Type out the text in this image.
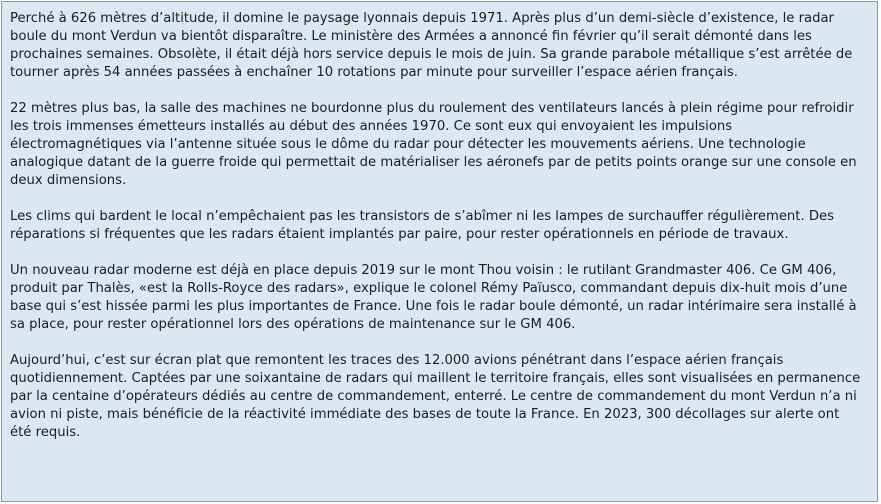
Perché à 626 mètres d’altitude, il domine le paysage lyonnais depuis 1971. Après plus d’un demi-siècle d’existence, le radar boule du mont Verdun va bientôt disparaître. Le ministère des Armées a annoncé fin février qu’il serait démonté dans les prochaines semaines. Obsolète, il était déjà hors service depuis le mois de juin. Sa grande parabole métallique s’est arrêtée de tourner après 54 années passées à enchaîner 10 rotations par minute pour surveiller l’espace aérien français.

22 mètres plus bas, la salle des machines ne bourdonne plus du roulement des ventilateurs lancés à plein régime pour refroidir les trois immenses émetteurs installés au début des années 1970. Ce sont eux qui envoyaient les impulsions électromagnétiques via l’antenne située sous le dôme du radar pour détecter les mouvements aériens. Une technologie analogique datant de la guerre froide qui permettait de matérialiser les aéronefs par de petits points orange sur une console en deux dimensions.

Les clims qui bardent le local n’empêchaient pas les transistors de s’abîmer ni les lampes de surchauffer régulièrement. Des réparations si fréquentes que les radars étaient implantés par paire, pour rester opérationnels en période de travaux.

Un nouveau radar moderne est déjà en place depuis 2019 sur le mont Thou voisin : le rutilant Grandmaster 406. Ce GM 406, produit par Thalès, «est la Rolls-Royce des radars», explique le colonel Rémy Païusco, commandant depuis dix-huit mois d’une base qui s’est hissée parmi les plus importantes de France. Une fois le radar boule démonté, un radar intérimaire sera installé à sa place, pour rester opérationnel lors des opérations de maintenance sur le GM 406.

Aujourd’hui, c’est sur écran plat que remontent les traces des 12.000 avions pénétrant dans l’espace aérien français quotidiennement. Captées par une soixantaine de radars qui maillent le territoire français, elles sont visualisées en permanence par la centaine d’opérateurs dédiés au centre de commandement, enterré. Le centre de commandement du mont Verdun n’a ni avion ni piste, mais bénéficie de la réactivité immédiate des bases de toute la France. En 2023, 300 décollages sur alerte ont été requis.
